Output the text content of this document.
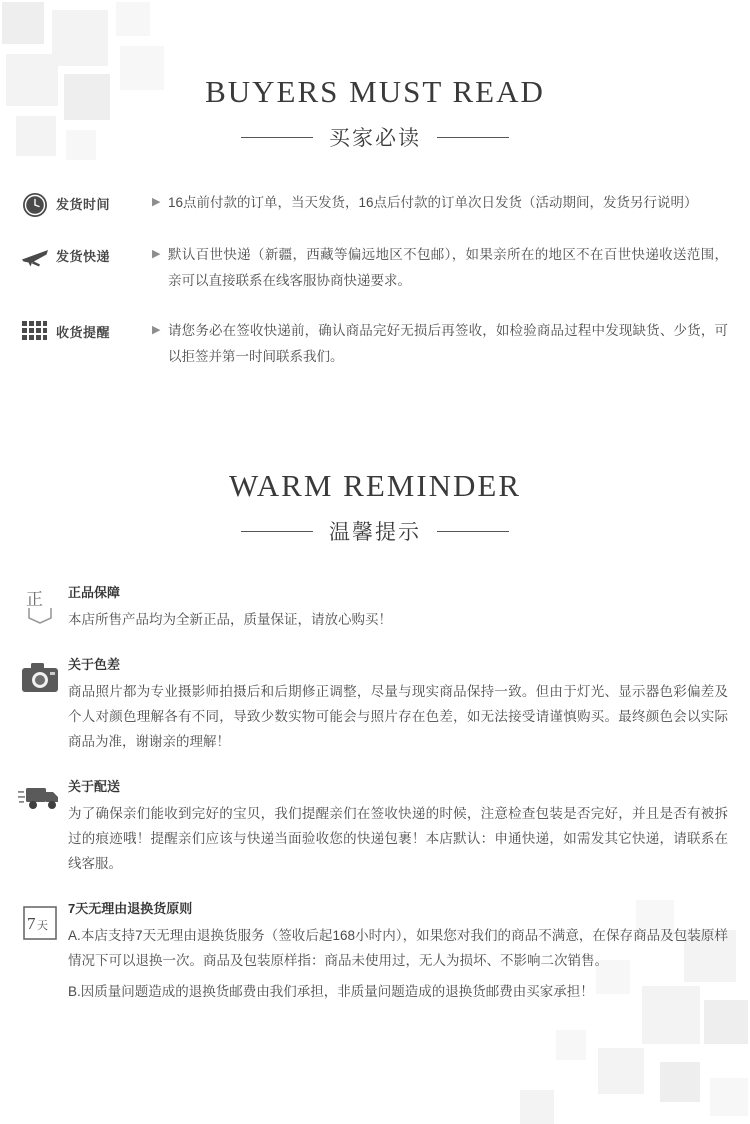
BUYERS MUST READ
买家必读
发货时间	▶ 16点前付款的订单，当天发货，16点后付款的订单次日发货（活动期间，发货另行说明）
发货快递	▶ 默认百世快递（新疆，西藏等偏远地区不包邮），如果亲所在的地区不在百世快递收送范围，亲可以直接联系在线客服协商快递要求。
收货提醒	▶ 请您务必在签收快递前，确认商品完好无损后再签收，如检验商品过程中发现缺货、少货，可以拒签并第一时间联系我们。
WARM REMINDER
温馨提示
正 正品保障

本店所售产品均为全新正品，质量保证，请放心购买！

关于色差

商品照片都为专业摄影师拍摄后和后期修正调整，尽量与现实商品保持一致。但由于灯光、显示器色彩偏差及个人对颜色理解各有不同，导致少数实物可能会与照片存在色差，如无法接受请谨慎购买。最终颜色会以实际商品为准，谢谢亲的理解！

关于配送

为了确保亲们能收到完好的宝贝，我们提醒亲们在签收快递的时候，注意检查包装是否完好，并且是否有被拆过的痕迹哦！提醒亲们应该与快递当面验收您的快递包裹！本店默认：申通快递，如需发其它快递，请联系在线客服。

7 天
7天无理由退换货原则

A.本店支持7天无理由退换货服务（签收后起168小时内），如果您对我们的商品不满意，在保存商品及包装原样情况下可以退换一次。商品及包装原样指：商品未使用过，无人为损坏、不影响二次销售。

B.因质量问题造成的退换货邮费由我们承担，非质量问题造成的退换货邮费由买家承担！
